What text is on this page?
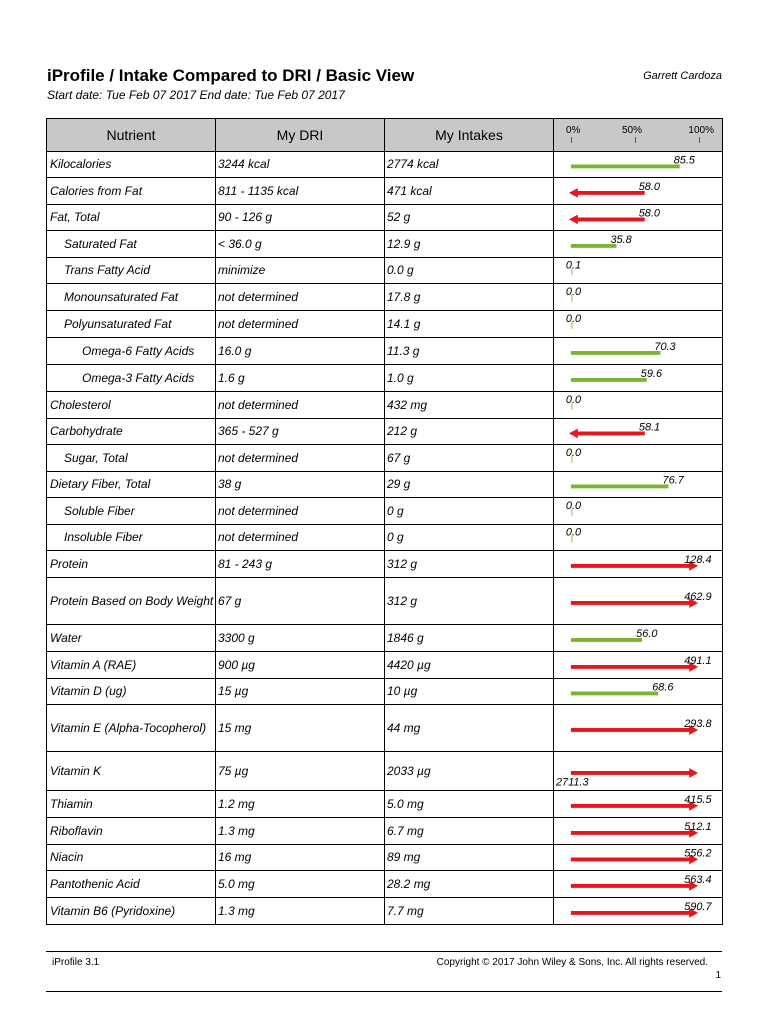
iProfile / Intake Compared to DRI / Basic View	Garrett Cardoza
Start date: Tue Feb 07 2017 End date: Tue Feb 07 2017
Nutrient	My DRI	My Intakes	0% 50% 100%

Kilocalories	3244 kcal	2774 kcal	85.5

Calories from Fat	811 - 1135 kcal	471 kcal	58.0

Fat, Total	90 - 126 g	52 g	58.0

Saturated Fat	< 36.0 g	12.9 g	35.8

Trans Fatty Acid	minimize	0.0 g	0.1

Monounsaturated Fat	not determined	17.8 g	0.0

Polyunsaturated Fat	not determined	14.1 g	0.0

Omega-6 Fatty Acids	16.0 g	11.3 g	70.3

Omega-3 Fatty Acids	1.6 g	1.0 g	59.6

Cholesterol	not determined	432 mg	0.0

Carbohydrate	365 - 527 g	212 g	58.1

Sugar, Total	not determined	67 g	0.0

Dietary Fiber, Total	38 g	29 g	76.7

Soluble Fiber	not determined	0 g	0.0

Insoluble Fiber	not determined	0 g	0.0

Protein	81 - 243 g	312 g	128.4

Protein Based on Body Weight	67 g	312 g	462.9

Water	3300 g	1846 g	56.0

Vitamin A (RAE)	900 µg	4420 µg	491.1

Vitamin D (ug)	15 µg	10 µg	68.6

Vitamin E (Alpha-Tocopherol)	15 mg	44 mg	293.8

Vitamin K	75 µg	2033 µg	2711.3

Thiamin	1.2 mg	5.0 mg	415.5

Riboflavin	1.3 mg	6.7 mg	512.1

Niacin	16 mg	89 mg	556.2

Pantothenic Acid	5.0 mg	28.2 mg	563.4

Vitamin B6 (Pyridoxine)	1.3 mg	7.7 mg	590.7
iProfile 3.1	Copyright © 2017 John Wiley & Sons, Inc. All rights reserved.
1
